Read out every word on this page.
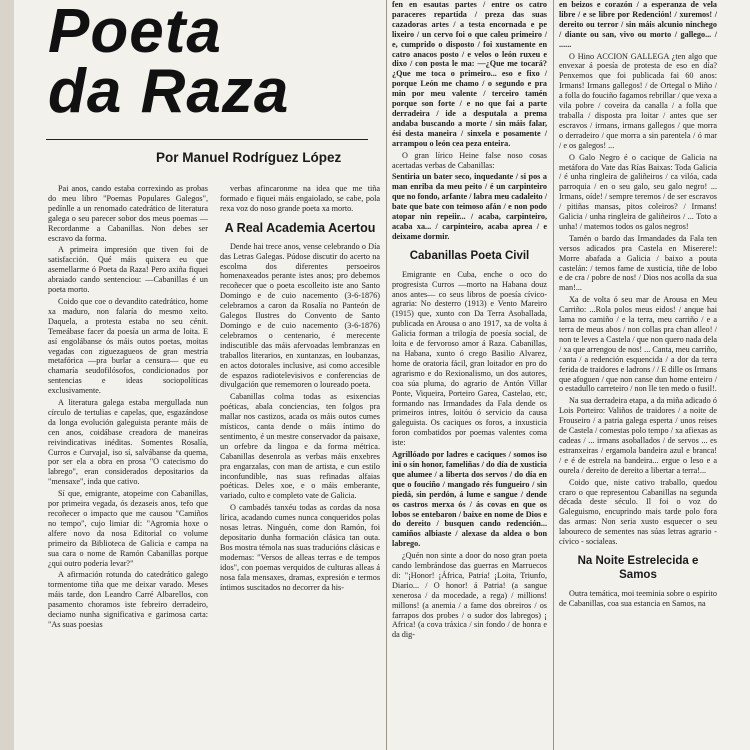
Poeta
da Raza
Por Manuel Rodríguez López

Pai anos, cando estaba correxindo as probas do meu libro "Poemas Populares Galegos", pedínlle a un renomado catedrático de literatura galega o seu parecer sobor dos meus poemas —Recordanme a Cabanillas. Non debes ser escravo da forma.

A primeira impresión que tiven foi de satisfacción. Qué máis quixera eu que asemellarme ó Poeta da Raza! Pero axiña fiquei abraiado cando sentenciou: —Cabanillas é un poeta morto.

Coido que coe o devandito catedrático, home xa maduro, non falaría do mesmo xeito. Daquela, a protesta estaba no seu cénit. Temeábase facer da poesía un arma de loita. E así engolábanse ós máis outos poetas, moitas vegadas con ziguezagueos de gran mestría metafórica —pra burlar a censura— que eu chamaría seudofilósofos, condicionados por sentencias e ideas sociopolíticas exclusivamente.

A literatura galega estaba mergullada nun círculo de tertulias e capelas, que, esgazándose da longa evolución galeguista perante máis de cen anos, coidábase creadora de maneiras reivindicativas inéditas. Somentes Rosalía, Curros e Curvajal, iso sí, salvábanse da quema, por ser ela a obra en prosa "O catecismo do labrego", eran considerados depositarios da "mensaxe", inda que cativo.

Sí que, emigrante, atopeime con Cabanillas, por primeira vegada, ós dezaseis anos, tefo que recoñecer o impacto que me causou "Camiños no tempo", cujo limiar di: "Agromia hoxe o alfere novo da nosa Editorial co volume primeiro da Biblioteca de Galicia e campa na sua cara o nome de Ramón Cabanillas porque ¿qui outro poderia levar?"

A afirmación rotunda do catedrático galego tormentome tiña que me deixar varado. Meses máis tarde, don Leandro Carré Albarellos, con pasamento choramos iste febreiro derradeiro, deciamo nunha significativa e garimosa carta: "As suas poesias

verbas afincaronme na idea que me tiña formado e fiquei máis engaiolado, se cabe, pola rexa voz do noso grande poeta xa morto.

A Real Academia Acertou

Dende hai trece anos, vense celebrando o Día das Letras Galegas. Púdose discutir do acerto na escolma dos diferentes persoeiros homenaxeados perante istes anos; pro debemos recoñecer que o poeta escolleito iste ano Santo Domingo e de cuio nacemento (3-6-1876) celebramos a caron da Rosalía no Panteón de Galegos Ilustres do Convento de Santo Domingo e de cuio nacemento (3-6-1876) celebramos o centenario, é merecente indiscutible das máis afervoadas lembranzas en traballos literarios, en xuntanzas, en loubanzas, en actos dotorales inclusive, asi como accesible de espazos radiotelevisivos e conferencias de divulgación que rememoren o loureado poeta.

Cabanillas colma todas as esixencias poéticas, abala conciencias, ten folgos pra mallar nos castizos, acada os máis outos cumes místicos, canta dende o máis íntimo do sentimento, é un mestre conservador da paisaxe, un orfebre da lingoa e da forma métrica. Cabanillas desenrola as verbas máis enxebres pra engarzalas, con man de artista, e cun estilo inconfundible, nas suas refinadas alfaias poéticas. Deles xoe, e o máis emberante, variado, culto e completo vate de Galicia.

O cambadés tanxéu todas as cordas da nosa lírica, acadando cumes nunca conqueridos polas nosas letras. Ninguén, come don Ramón, foi depositario dunha formación clásica tan outa. Bos mostra témola nas suas traducións clásicas e modernas: "Versos de alleas terras e de tempos idos", con poemas verquidos de culturas alleas á nosa fala mensaxes, dramas, expresión e termos íntimos suscitados no decorrer da his-

fen en esautas partes / entre os catro paraceres repartida / preza das suas cazadoras artes / a testa encornada e pe lixeiro / un cervo foi o que caleu primeiro / e, cumprido o disposto / foi xustamente en catro anacos posto / e velos o león ruxeu e dixo / con posta le ma: —¿Que me tocará? ¿Que me toca o primeiro... eso e fixo / porque León me chamo / o segundo e pra min por meu valente / terceiro tamén porque son forte / e no que fai a parte derradeira / ide a desputala a prema andaba buscando a morte / sin máis falar, ési desta maneira / sinxela e posamente / arrampou o león cea peza enteira.

O gran lírico Heine false noso cosas acertadas verbas de Cabanillas:

Sentiria un bater seco, inquedante / si pos a man enriba da meu peito / é un carpinteiro que no fondo, arfante / labra meu cadaleito / bate que bate con teimoso afán / e non podo atopar nin repeiir... / acaba, carpinteiro, acaba xa... / carpinteiro, acaba aprea / e deixame dormir.

Cabanillas Poeta Civil

Emigrante en Cuba, enche o oco do progresista Curros —morto na Habana douz anos antes— co seus libros de poesía cívico-agraria: No desterro (1913) e Vento Mareiro (1915) que, xunto con Da Terra Asoballada, publicada en Arousa o ano 1917, xa de volta á Galicia forman a trilogía de poesía social, de loita e de fervoroso amor á Raza. Cabanillas, na Habana, xunto ó crego Basilio Alvarez, home de oratoria fácil, gran loitador en pro do agrarismo e do Rexionalismo, un dos autores, coa súa pluma, do agrario de Antón Villar Ponte, Viqueira, Porteiro Garea, Castelao, etc, formando nas Irmandades da Fala dende os primeiros intres, loitóu ó servicio da causa galeguista. Os caciques os foros, a inxusticia foron combatidos por poemas valentes coma iste:

Agrillóado por ladres e caciques / somos iso ini o sin honor, fameliñas / do día de xusticia que alumee / a liberta dos servos / do día en que o fouciño / mangado rés fungueiro / sin piedá, sin perdón, á lume e sangue / dende os castros merxa ós / ás covas en que os lobos se entebaron / baixe en nome de Dios e do dereito / busquen cando redención... camiños albiaste / alexase da aldea o bon labrego.

¿Quén non sinte a door do noso gran poeta cando lembrándose das guerras en Marruecos di: "¡Honor! ¡África, Patria! ¡Loita, Triunfo, Diario... / O honor! á Patria! (a sangue xenerosa / da mocedade, a rega) / millions! millons! (a anemia / a fame dos obreiros / os farrapos dos probes / o sudor dos labregos) ¡ Africa! (a cova tráxica / sin fondo / de honra e da dig-

en beizos e corazón / a esperanza de vela libre / e se libre por Redención! / xuremos! / dereito ou terror / sin máis alcunio ninchego / diante ou san, vivo ou morto / gallego... / ......

O Hino ACCION GALLEGA ¿ten algo que envexar á poesía de protesta de eso en día? Penxemos que foi publicada fai 60 anos: Irmans! Irmans gallegos! / de Ortegal o Miño / a folla do fouciño fagamos rebrillar / que vexa a vila pobre / coveira da canalla / a folla que traballa / disposta pra loitar / antes que ser escravos / irmans, irmans gallegos / que morra o derradeiro / que morra a sin parentela / ó mar / e os galegos! ...

O Galo Negro é o cacique de Galicia na metáfora do Vate das Rías Baixas: Toda Galicia / é unha ringleira de galiñeiros / ca vilóa, cada parroquia / en o seu galo, seu galo negro! ... Irmans, oíde! / sempre teremos / de ser escravos / pitiñas mansas, pitos coleiros? / Irmans! Galicia / unha ringleira de galiñeiros / ... Toto a unha! / matemos todos os galos negros!

Tamén o bardo das Irmandades da Fala ten versos adicados pra Castela en Miserere!: Morre abafada a Galicia / baixo a pouta castelán: / temos fame de xusticia, tiñe de lobo e de cra / pobre de nos! / Dios nos acolla da sua man!...

Xa de volta ó seu mar de Arousa en Meu Carriño: ...Rola polos meus eidos! / anque hai lama no camiño / e la terra, meu carriño / e a terra de meus abos / non collas pra chan alleo! / non te leves a Castela / que non quero nada dela / xa que arrengou de nos! ... Canta, meu carriño, canta / a redención esquencida / a dor da terra ferida de traidores e ladrons / / E dille os Irmans que afoguen / que non canse dun home enteiro / o estadullo carreteiro / non lle ten medo o fusil!.

Na sua derradeira etapa, a da miña adicado ó Lois Porteiro: Valiños de traidores / a noite de Frouseiro / a patria galega esperta / unos reises de Castela / comestas polo tempo / xa afiexas as cadeas / ... irmans asoballados / de servos ... es estranxeiras / ergamola bandeira azul e branca! / e é de estrela na bandeira... ergue o leso e a ourela / dereito de dereito a libertar a terra!...

Coido que, niste cativo traballo, quedou craro o que representou Cabanillas na segunda década deste século. Il foi o voz do Galeguismo, encuprindo mais tarde polo fora das armas: Non seria xusto esquecer o seu laboureco de sementes nas súas letras agrario - cívico - socialeas.

Na Noite Estrelecida e Samos

Outra temática, moi teeminia sobre o espirito de Cabanillas, coa sua estancia en Samos, na
